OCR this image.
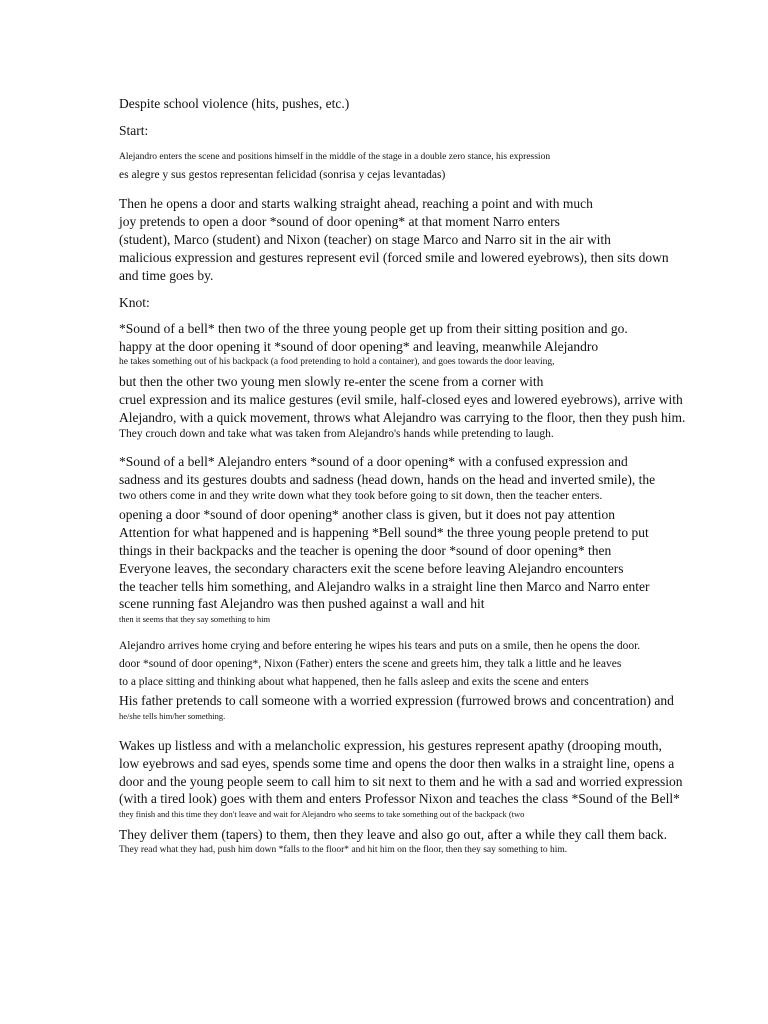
Despite school violence (hits, pushes, etc.)
Start:
Alejandro enters the scene and positions himself in the middle of the stage in a double zero stance, his expression
es alegre y sus gestos representan felicidad (sonrisa y cejas levantadas)
Then he opens a door and starts walking straight ahead, reaching a point and with much
joy pretends to open a door *sound of door opening* at that moment Narro enters
(student), Marco (student) and Nixon (teacher) on stage Marco and Narro sit in the air with
malicious expression and gestures represent evil (forced smile and lowered eyebrows), then sits down
and time goes by.
Knot:
*Sound of a bell* then two of the three young people get up from their sitting position and go.
happy at the door opening it *sound of door opening* and leaving, meanwhile Alejandro
he takes something out of his backpack (a food pretending to hold a container), and goes towards the door leaving,
but then the other two young men slowly re-enter the scene from a corner with
cruel expression and its malice gestures (evil smile, half-closed eyes and lowered eyebrows), arrive with
Alejandro, with a quick movement, throws what Alejandro was carrying to the floor, then they push him.
They crouch down and take what was taken from Alejandro's hands while pretending to laugh.
*Sound of a bell* Alejandro enters *sound of a door opening* with a confused expression and
sadness and its gestures doubts and sadness (head down, hands on the head and inverted smile), the
two others come in and they write down what they took before going to sit down, then the teacher enters.
opening a door *sound of door opening* another class is given, but it does not pay attention
Attention for what happened and is happening *Bell sound* the three young people pretend to put
things in their backpacks and the teacher is opening the door *sound of door opening* then
Everyone leaves, the secondary characters exit the scene before leaving Alejandro encounters
the teacher tells him something, and Alejandro walks in a straight line then Marco and Narro enter
scene running fast Alejandro was then pushed against a wall and hit
then it seems that they say something to him
Alejandro arrives home crying and before entering he wipes his tears and puts on a smile, then he opens the door.
door *sound of door opening*, Nixon (Father) enters the scene and greets him, they talk a little and he leaves
to a place sitting and thinking about what happened, then he falls asleep and exits the scene and enters
His father pretends to call someone with a worried expression (furrowed brows and concentration) and
he/she tells him/her something.
Wakes up listless and with a melancholic expression, his gestures represent apathy (drooping mouth,
low eyebrows and sad eyes, spends some time and opens the door then walks in a straight line, opens a
door and the young people seem to call him to sit next to them and he with a sad and worried expression
(with a tired look) goes with them and enters Professor Nixon and teaches the class *Sound of the Bell*
they finish and this time they don't leave and wait for Alejandro who seems to take something out of the backpack (two
They deliver them (tapers) to them, then they leave and also go out, after a while they call them back.
They read what they had, push him down *falls to the floor* and hit him on the floor, then they say something to him.
